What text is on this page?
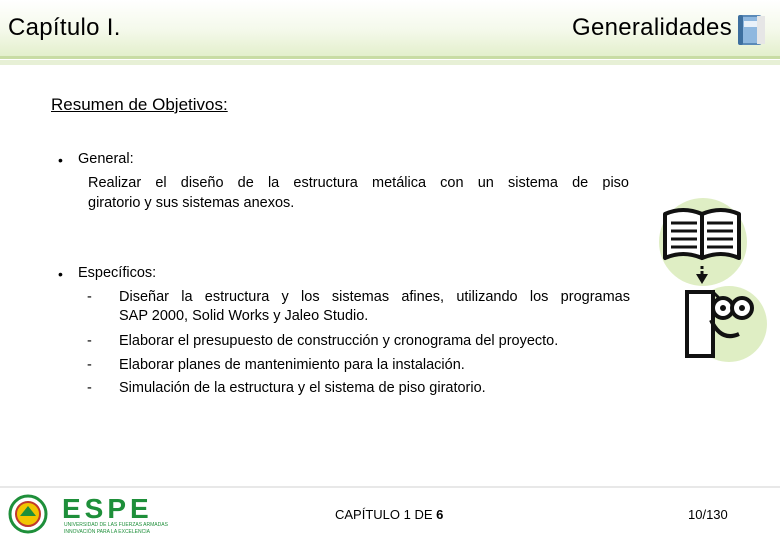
Capítulo I.	Generalidades
Resumen de Objetivos:
• General:
Realizar el diseño de la estructura metálica con un sistema de piso
giratorio y sus sistemas anexos.
• Específicos:
- Diseñar la estructura y los sistemas afines, utilizando los programas
SAP 2000, Solid Works y Jaleo Studio.
- Elaborar el presupuesto de construcción y cronograma del proyecto.
- Elaborar planes de mantenimiento para la instalación.
- Simulación de la estructura y el sistema de piso giratorio.
ESPE
UNIVERSIDAD DE LAS FUERZAS ARMADAS
INNOVACIÓN PARA LA EXCELENCIA
CAPÍTULO 1 DE 6	10/130
